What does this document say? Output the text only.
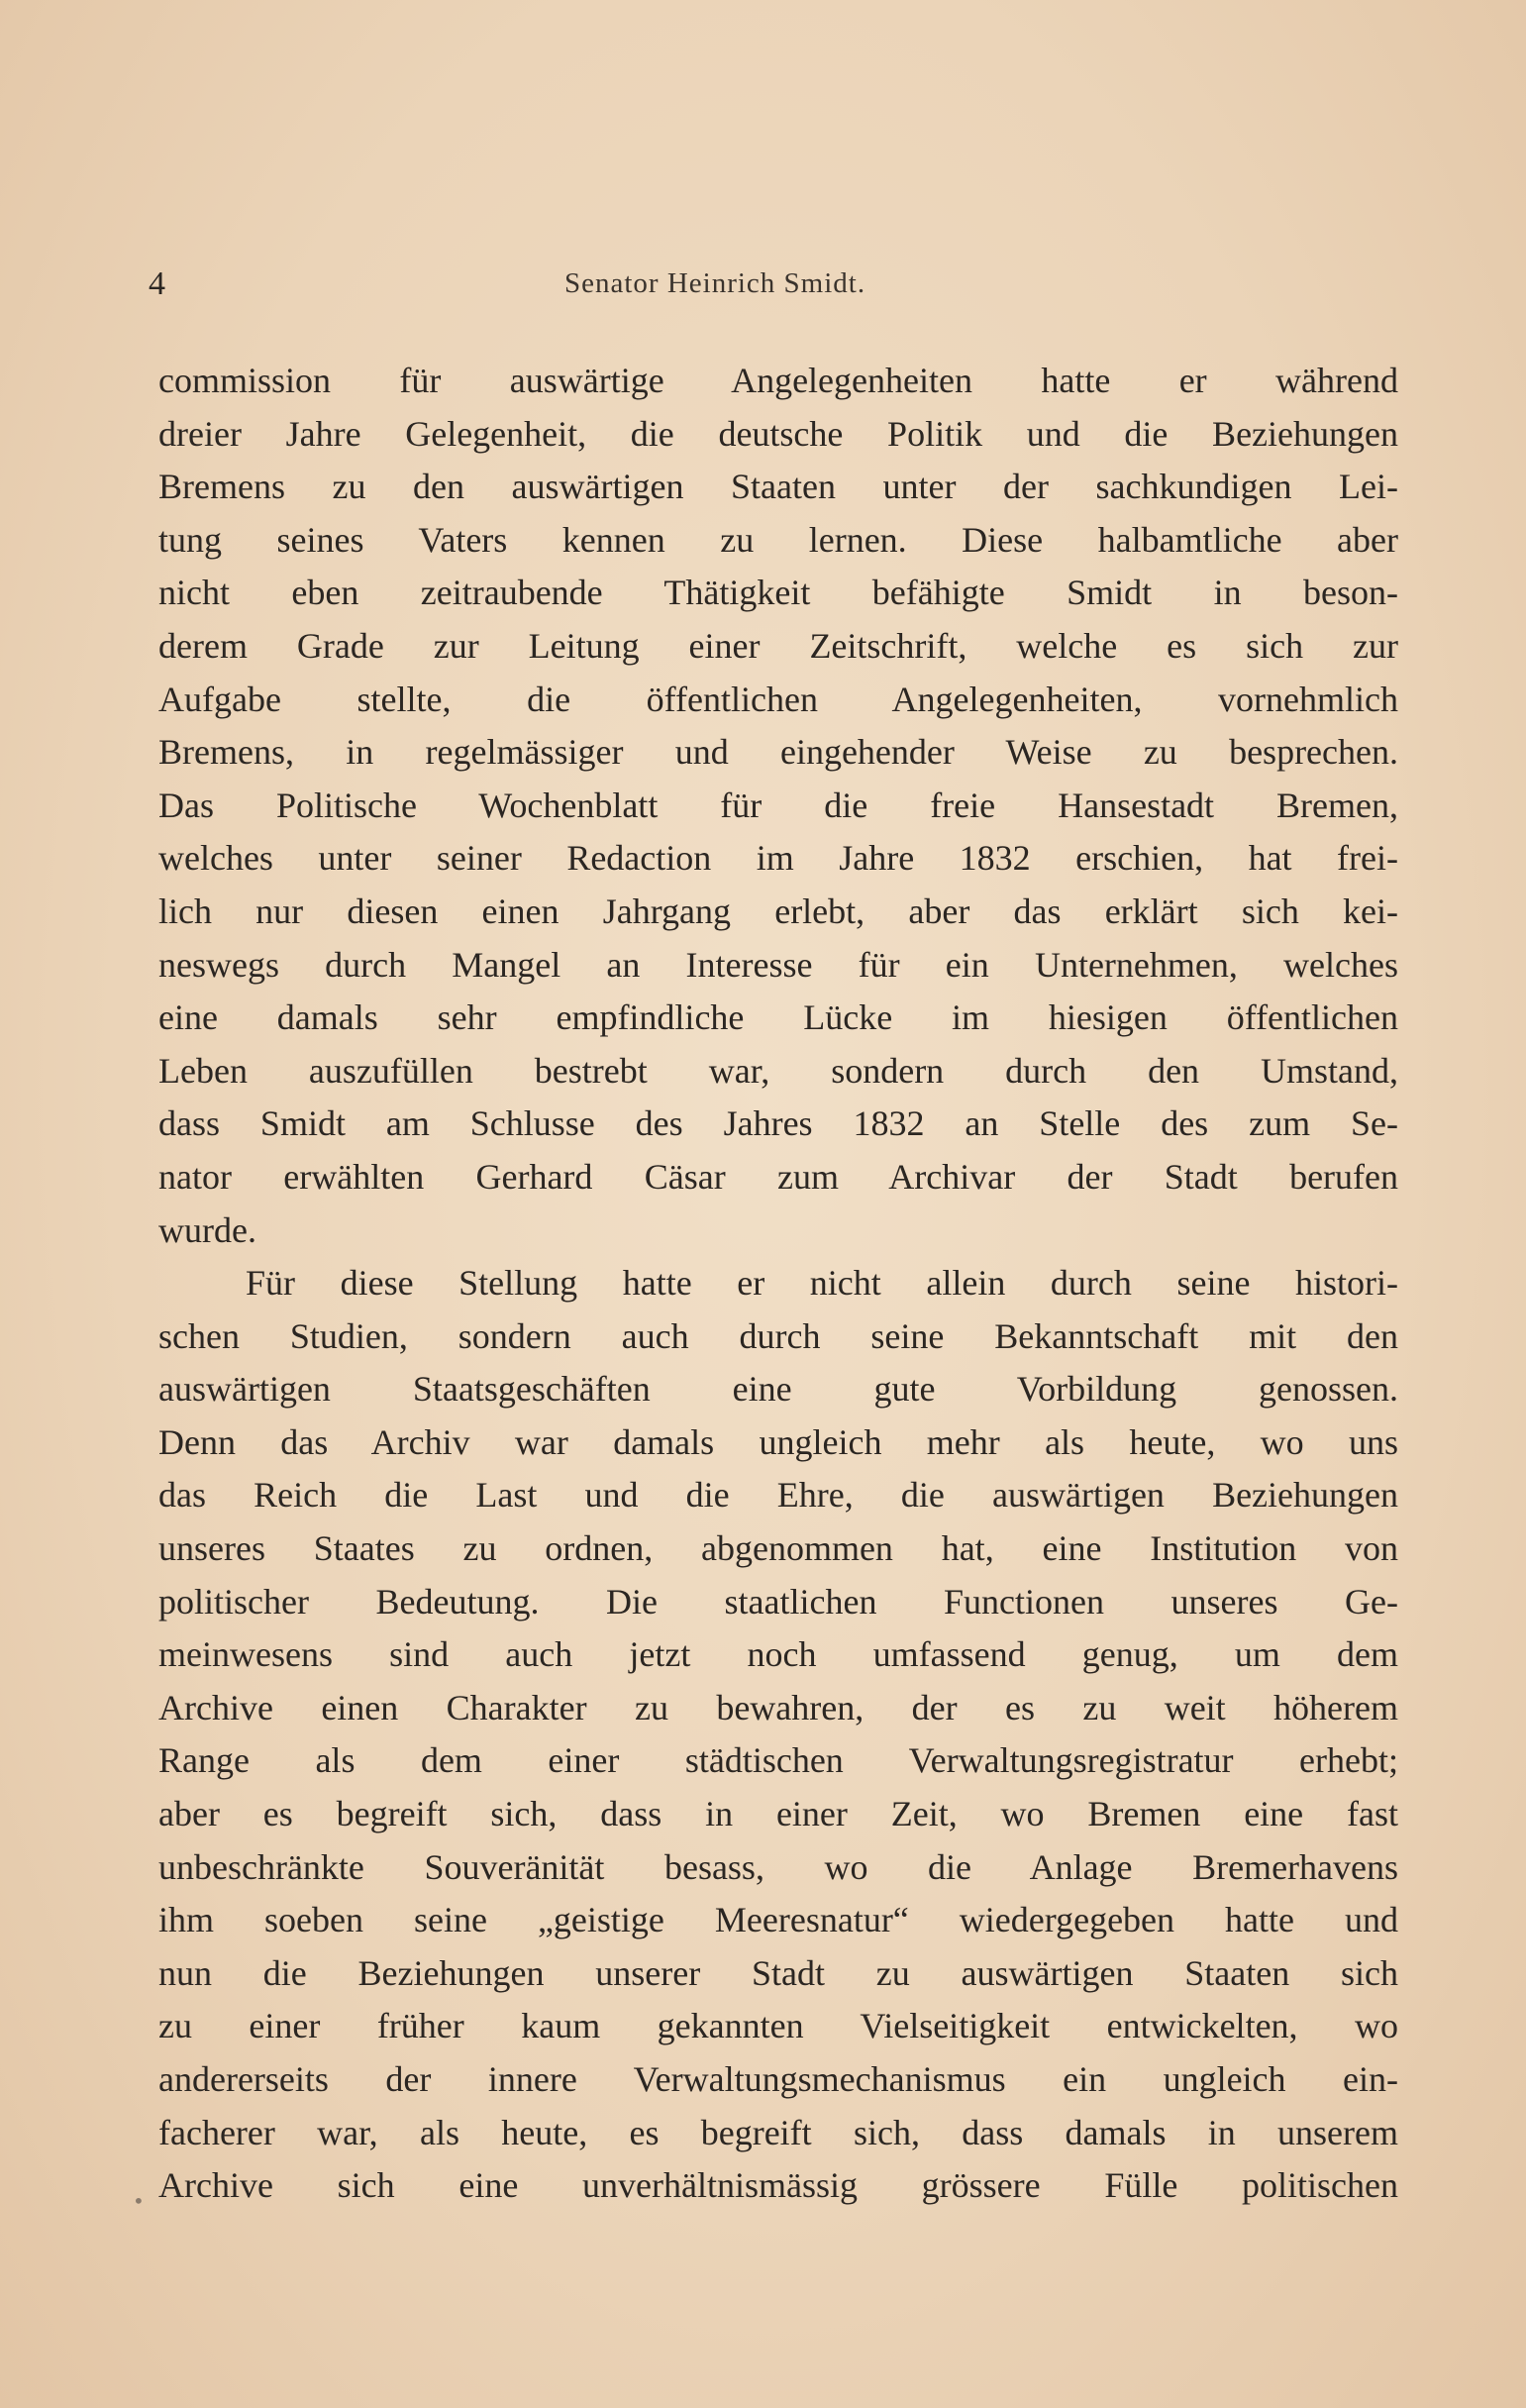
4	Senator Heinrich Smidt.
commission für auswärtige Angelegenheiten hatte er während
dreier Jahre Gelegenheit, die deutsche Politik und die Beziehungen
Bremens zu den auswärtigen Staaten unter der sachkundigen Lei-
tung seines Vaters kennen zu lernen. Diese halbamtliche aber
nicht eben zeitraubende Thätigkeit befähigte Smidt in beson-
derem Grade zur Leitung einer Zeitschrift, welche es sich zur
Aufgabe stellte, die öffentlichen Angelegenheiten, vornehmlich
Bremens, in regelmässiger und eingehender Weise zu besprechen.
Das Politische Wochenblatt für die freie Hansestadt Bremen,
welches unter seiner Redaction im Jahre 1832 erschien, hat frei-
lich nur diesen einen Jahrgang erlebt, aber das erklärt sich kei-
neswegs durch Mangel an Interesse für ein Unternehmen, welches
eine damals sehr empfindliche Lücke im hiesigen öffentlichen
Leben auszufüllen bestrebt war, sondern durch den Umstand,
dass Smidt am Schlusse des Jahres 1832 an Stelle des zum Se-
nator erwählten Gerhard Cäsar zum Archivar der Stadt berufen
wurde.
Für diese Stellung hatte er nicht allein durch seine histori-
schen Studien, sondern auch durch seine Bekanntschaft mit den
auswärtigen Staatsgeschäften eine gute Vorbildung genossen.
Denn das Archiv war damals ungleich mehr als heute, wo uns
das Reich die Last und die Ehre, die auswärtigen Beziehungen
unseres Staates zu ordnen, abgenommen hat, eine Institution von
politischer Bedeutung. Die staatlichen Functionen unseres Ge-
meinwesens sind auch jetzt noch umfassend genug, um dem
Archive einen Charakter zu bewahren, der es zu weit höherem
Range als dem einer städtischen Verwaltungsregistratur erhebt;
aber es begreift sich, dass in einer Zeit, wo Bremen eine fast
unbeschränkte Souveränität besass, wo die Anlage Bremerhavens
ihm soeben seine „geistige Meeresnatur“ wiedergegeben hatte und
nun die Beziehungen unserer Stadt zu auswärtigen Staaten sich
zu einer früher kaum gekannten Vielseitigkeit entwickelten, wo
andererseits der innere Verwaltungsmechanismus ein ungleich ein-
facherer war, als heute, es begreift sich, dass damals in unserem
Archive sich eine unverhältnismässig grössere Fülle politischen
•
